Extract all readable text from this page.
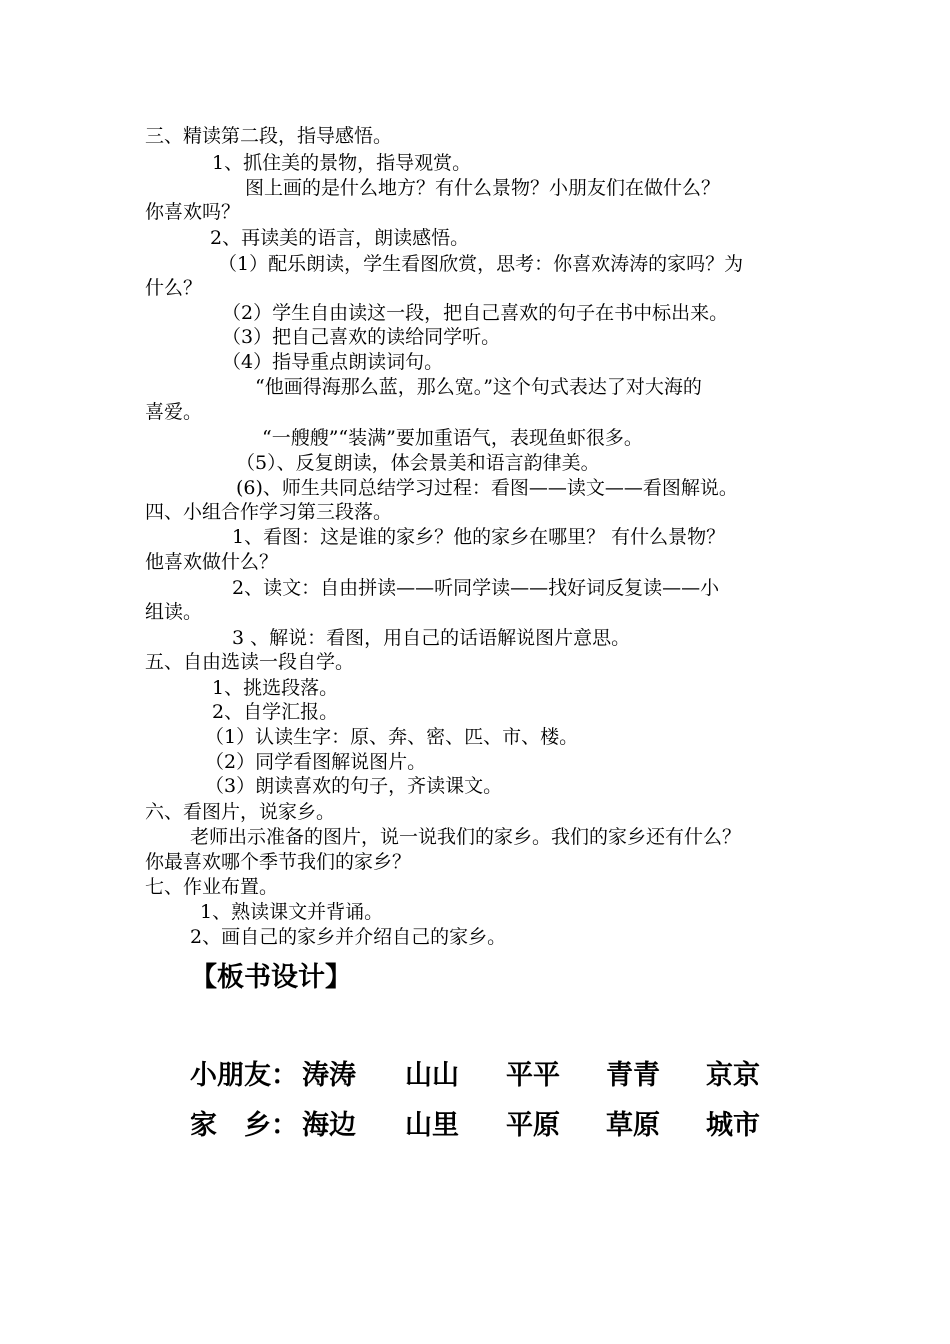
三、精读第二段，指导感悟。
1、抓住美的景物，指导观赏。
图上画的是什么地方？有什么景物？小朋友们在做什么？
你喜欢吗？
2、再读美的语言，朗读感悟。
（1）配乐朗读，学生看图欣赏，思考：你喜欢涛涛的家吗？为
什么？
（2）学生自由读这一段，把自己喜欢的句子在书中标出来。
（3）把自己喜欢的读给同学听。
（4）指导重点朗读词句。
“他画得海那么蓝，那么宽。”这个句式表达了对大海的
喜爱。
“一艘艘”“装满”要加重语气，表现鱼虾很多。
（5）、反复朗读，体会景美和语言韵律美。
(6)、师生共同总结学习过程：看图——读文——看图解说。
四、小组合作学习第三段落。
1、看图：这是谁的家乡？他的家乡在哪里？ 有什么景物？
他喜欢做什么？
2、读文：自由拼读——听同学读——找好词反复读——小
组读。
3 、解说：看图，用自己的话语解说图片意思。
五、自由选读一段自学。
1、挑选段落。
2、自学汇报。
（1）认读生字：原、奔、密、匹、市、楼。
（2）同学看图解说图片。
（3）朗读喜欢的句子，齐读课文。
六、看图片，说家乡。
老师出示准备的图片，说一说我们的家乡。我们的家乡还有什么？
你最喜欢哪个季节我们的家乡？
七、作业布置。
1、熟读课文并背诵。
2、画自己的家乡并介绍自己的家乡。
【板书设计】
小朋友： 涛涛 山山 平平 青青 京京
家　乡： 海边 山里 平原 草原 城市
